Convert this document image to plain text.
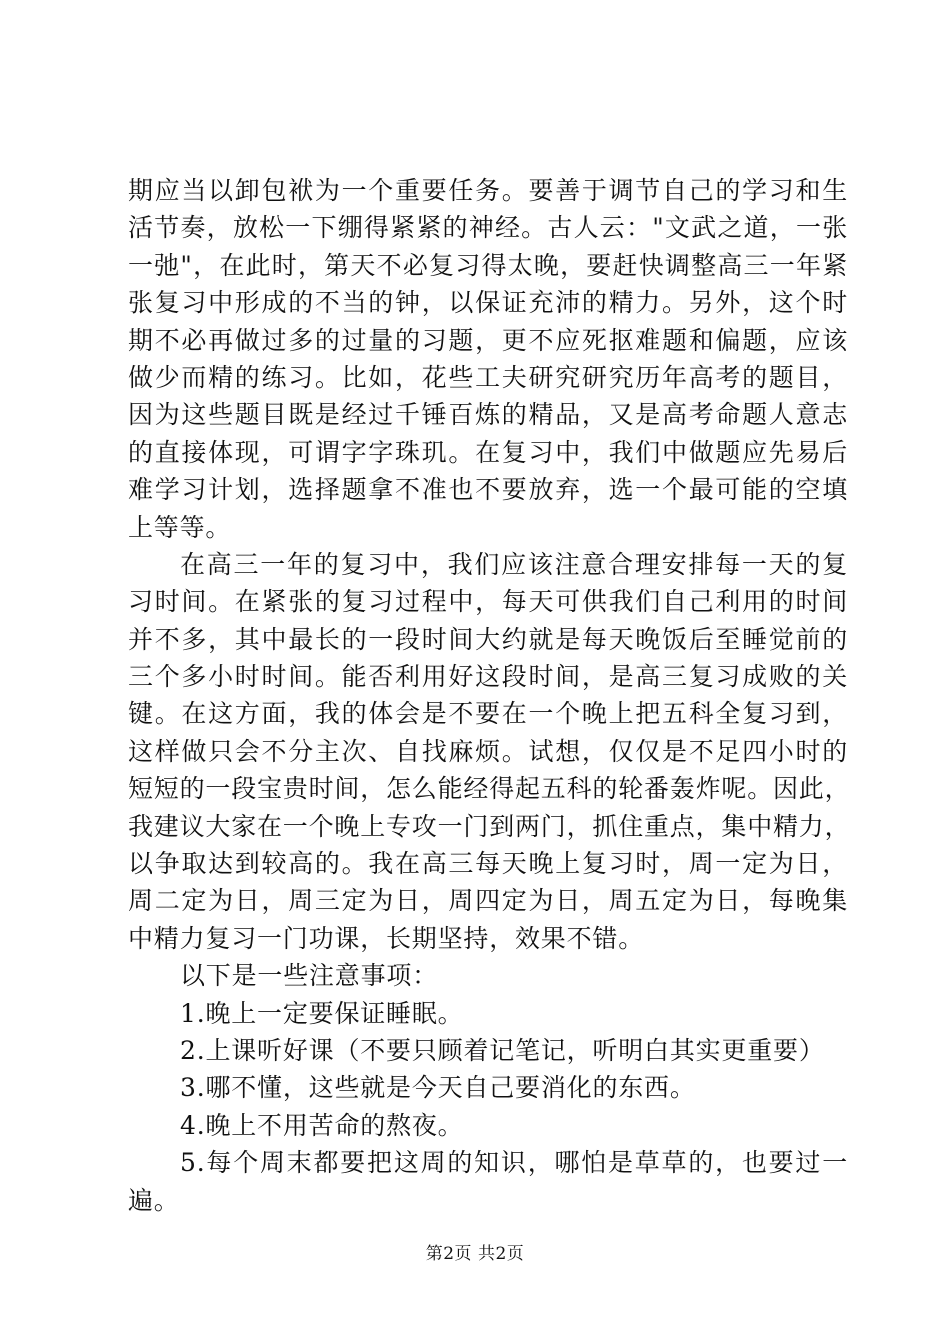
期应当以卸包袱为一个重要任务。要善于调节自己的学习和生
活节奏，放松一下绷得紧紧的神经。古人云："文武之道，一张
一弛"，在此时，第天不必复习得太晚，要赶快调整高三一年紧
张复习中形成的不当的钟，以保证充沛的精力。另外，这个时
期不必再做过多的过量的习题，更不应死抠难题和偏题，应该
做少而精的练习。比如，花些工夫研究研究历年高考的题目，
因为这些题目既是经过千锤百炼的精品，又是高考命题人意志
的直接体现，可谓字字珠玑。在复习中，我们中做题应先易后
难学习计划，选择题拿不准也不要放弃，选一个最可能的空填
上等等。
在高三一年的复习中，我们应该注意合理安排每一天的复
习时间。在紧张的复习过程中，每天可供我们自己利用的时间
并不多，其中最长的一段时间大约就是每天晚饭后至睡觉前的
三个多小时时间。能否利用好这段时间，是高三复习成败的关
键。在这方面，我的体会是不要在一个晚上把五科全复习到，
这样做只会不分主次、自找麻烦。试想，仅仅是不足四小时的
短短的一段宝贵时间，怎么能经得起五科的轮番轰炸呢。因此，
我建议大家在一个晚上专攻一门到两门，抓住重点，集中精力，
以争取达到较高的。我在高三每天晚上复习时，周一定为日，
周二定为日，周三定为日，周四定为日，周五定为日，每晚集
中精力复习一门功课，长期坚持，效果不错。
以下是一些注意事项：
1.晚上一定要保证睡眠。
2.上课听好课（不要只顾着记笔记，听明白其实更重要）
3.哪不懂，这些就是今天自己要消化的东西。
4.晚上不用苦命的熬夜。
5.每个周末都要把这周的知识，哪怕是草草的，也要过一
遍。
第2页 共2页
